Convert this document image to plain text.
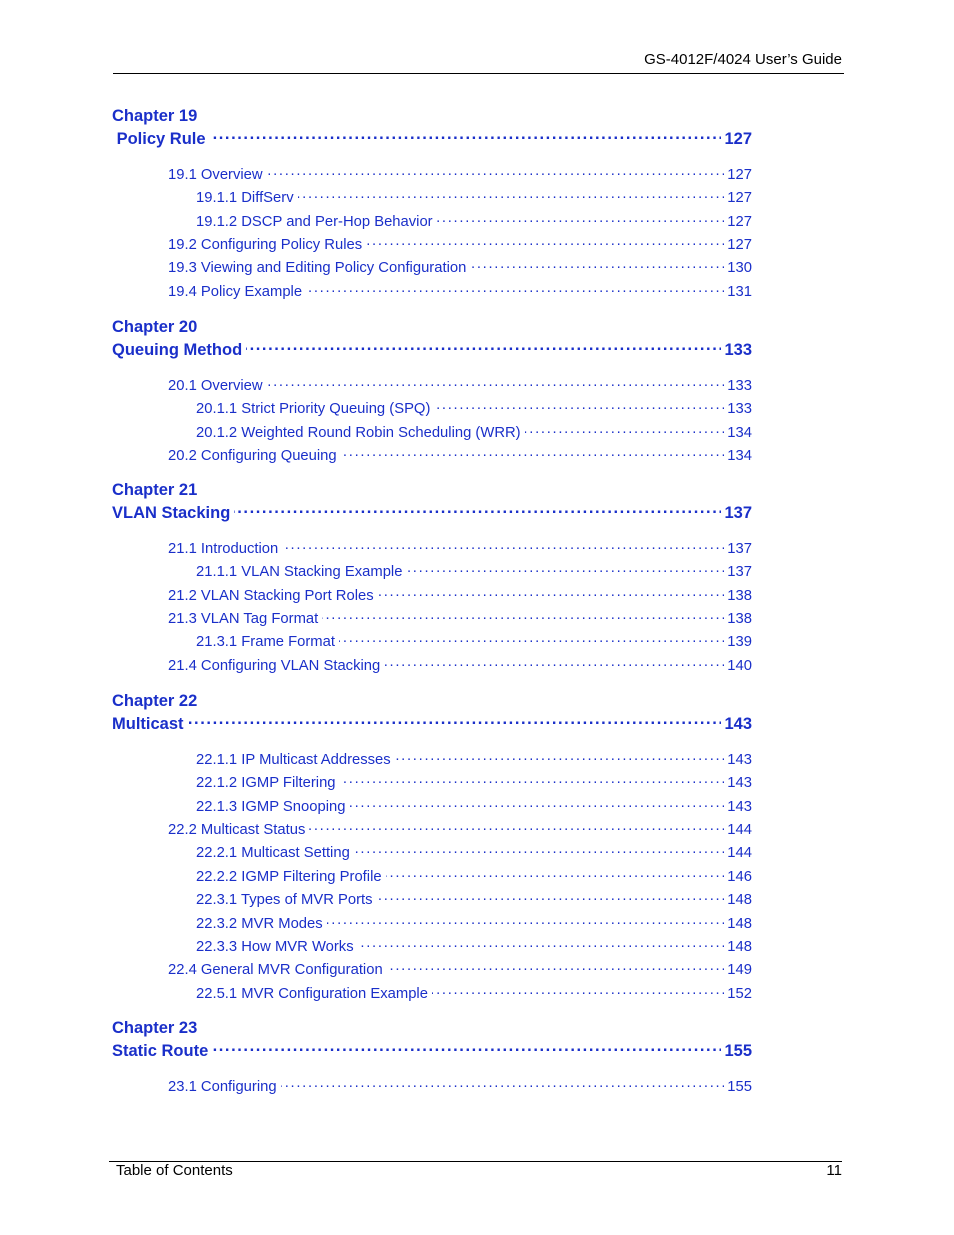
GS-4012F/4024 User’s Guide
Chapter 19
Policy Rule . . .	127
19.1 Overview . . .	127
19.1.1 DiffServ . . .	127
19.1.2 DSCP and Per-Hop Behavior . . .	127
19.2 Configuring Policy Rules . . .	127
19.3 Viewing and Editing Policy Configuration . . .	130
19.4 Policy Example . . .	131
Chapter 20
Queuing Method . . .	133
20.1 Overview . . .	133
20.1.1 Strict Priority Queuing (SPQ) . . .	133
20.1.2 Weighted Round Robin Scheduling (WRR) . . .	134
20.2 Configuring Queuing . . .	134
Chapter 21
VLAN Stacking . . .	137
21.1 Introduction . . .	137
21.1.1 VLAN Stacking Example . . .	137
21.2 VLAN Stacking Port Roles . . .	138
21.3 VLAN Tag Format . . .	138
21.3.1 Frame Format . . .	139
21.4 Configuring VLAN Stacking . . .	140
Chapter 22
Multicast . . .	143
22.1.1 IP Multicast Addresses . . .	143
22.1.2 IGMP Filtering . . .	143
22.1.3 IGMP Snooping . . .	143
22.2 Multicast Status . . .	144
22.2.1 Multicast Setting . . .	144
22.2.2 IGMP Filtering Profile . . .	146
22.3.1 Types of MVR Ports . . .	148
22.3.2 MVR Modes . . .	148
22.3.3 How MVR Works . . .	148
22.4 General MVR Configuration . . .	149
22.5.1 MVR Configuration Example . . .	152
Chapter 23
Static Route . . .	155
23.1 Configuring . . .	155
Table of Contents	11
